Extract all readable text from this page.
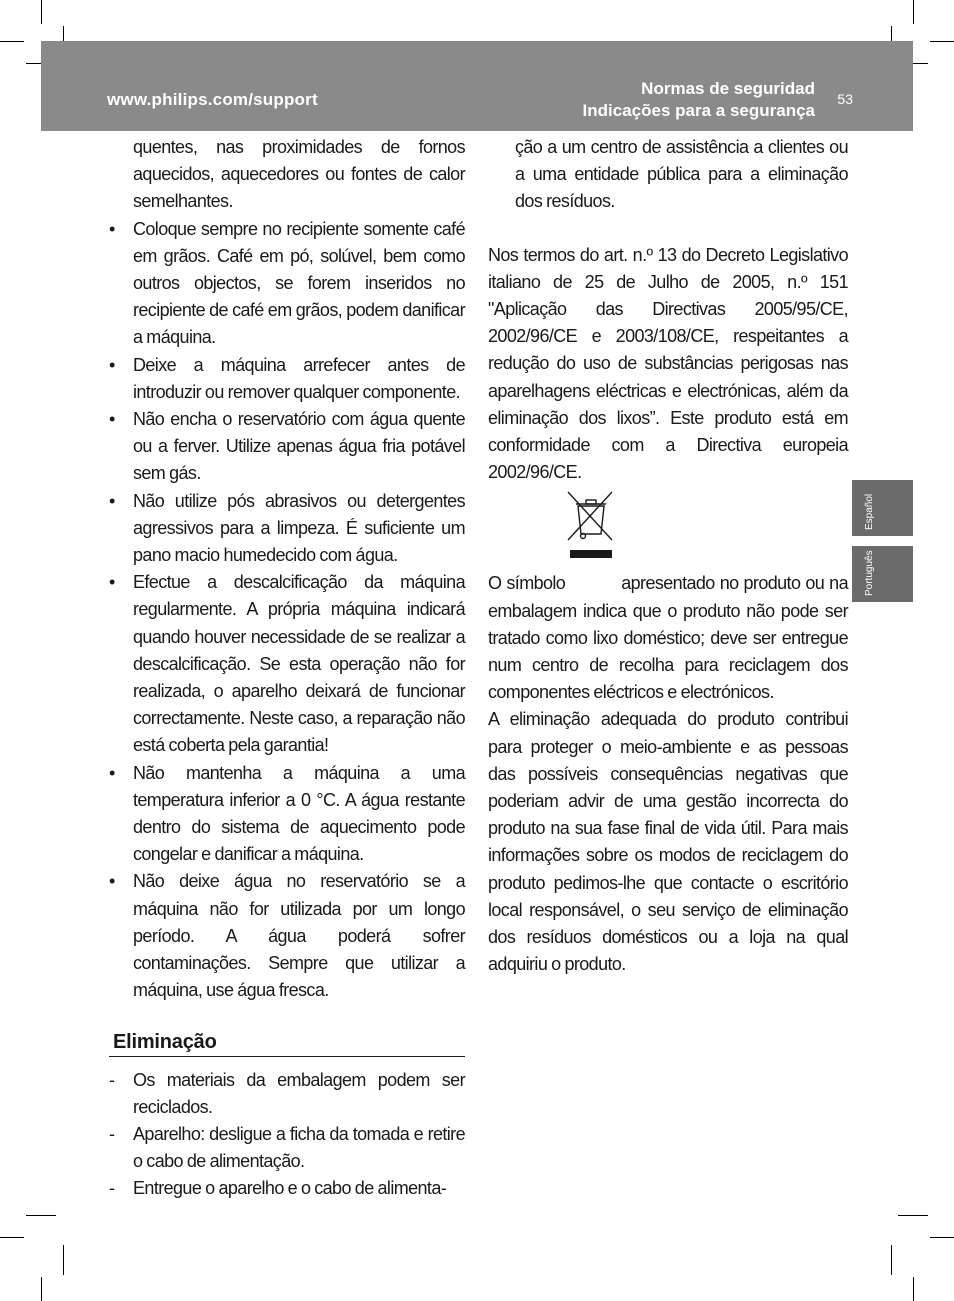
www.philips.com/support
Normas de seguridad
Indicações para a segurança
53
Español
Português

quentes, nas proximidades de fornos aquecidos, aquecedores ou fontes de calor semelhantes.

• Coloque sempre no recipiente somente café em grãos. Café em pó, solúvel, bem como outros objectos, se forem inseridos no recipiente de café em grãos, podem danificar a máquina.
• Deixe a máquina arrefecer antes de introduzir ou remover qualquer componente.
• Não encha o reservatório com água quente ou a ferver. Utilize apenas água fria potável sem gás.
• Não utilize pós abrasivos ou detergentes agressivos para a limpeza. É suficiente um pano macio humedecido com água.
• Efectue a descalcificação da máquina regularmente. A própria máquina indicará quando houver necessidade de se realizar a descalcificação. Se esta operação não for realizada, o aparelho deixará de funcionar correctamente. Neste caso, a reparação não está coberta pela garantia!
• Não mantenha a máquina a uma temperatura inferior a 0 °C. A água restante dentro do sistema de aquecimento pode congelar e danificar a máquina.
• Não deixe água no reservatório se a máquina não for utilizada por um longo período. A água poderá sofrer contaminações. Sempre que utilizar a máquina, use água fresca.
Eliminação
- Os materiais da embalagem podem ser reciclados.
- Aparelho: desligue a ficha da tomada e retire o cabo de alimentação.
- Entregue o aparelho e o cabo de alimenta-

ção a um centro de assistência a clientes ou a uma entidade pública para a eliminação dos resíduos.

Nos termos do art. n.º 13 do Decreto Legislativo italiano de 25 de Julho de 2005, n.º 151 "Aplicação das Directivas 2005/95/CE, 2002/96/CE e 2003/108/CE, respeitantes a redução do uso de substâncias perigosas nas aparelhagens eléctricas e electrónicas, além da eliminação dos lixos”. Este produto está em conformidade com a Directiva europeia 2002/96/CE.

O símbolo	apresentado no produto ou na embalagem indica que o produto não pode ser tratado como lixo doméstico; deve ser entregue num centro de recolha para reciclagem dos componentes eléctricos e electrónicos.

A eliminação adequada do produto contribui para proteger o meio-ambiente e as pessoas das possíveis consequências negativas que poderiam advir de uma gestão incorrecta do produto na sua fase final de vida útil. Para mais informações sobre os modos de reciclagem do produto pedimos-lhe que contacte o escritório local responsável, o seu serviço de eliminação dos resíduos domésticos ou a loja na qual adquiriu o produto.
